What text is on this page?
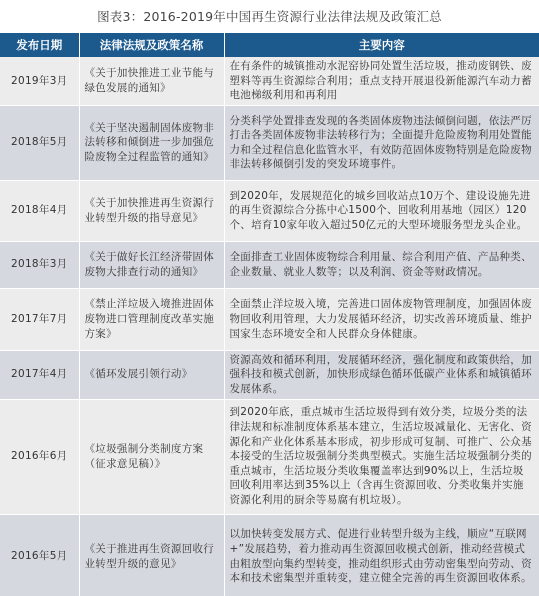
图表3：2016-2019年中国再生资源行业法律法规及政策汇总
发布日期	法律法规及政策名称	主要内容
2019年3月	《关于加快推进工业节能与绿色发展的通知》	在有条件的城镇推动水泥窑协同处置生活垃圾，推动废钢铁、废塑料等再生资源综合利用；重点支持开展退役新能源汽车动力蓄电池梯级利用和再利用
2018年5月	《关于坚决遏制固体废物非法转移和倾倒进一步加强危险废物全过程监管的通知》	分类科学处置排查发现的各类固体废物违法倾倒问题，依法严厉打击各类固体废物非法转移行为；全面提升危险废物利用处置能力和全过程信息化监管水平，有效防范固体废物特别是危险废物非法转移倾倒引发的突发环境事件。
2018年4月	《关于加快推进再生资源行业转型升级的指导意见》	到2020年，发展规范化的城乡回收站点10万个、建设设施先进的再生资源综合分拣中心1500个、回收利用基地（园区）120个、培育10家年收入超过50亿元的大型环境服务型龙头企业。
2018年3月	《关于做好长江经济带固体废物大排查行动的通知》	全面排查工业固体废物综合利用量、综合利用产值、产品种类、企业数量、就业人数等；以及利润、资金等财政情况。
2017年7月	《禁止洋垃圾入境推进固体废物进口管理制度改革实施方案》	全面禁止洋垃圾入境，完善进口固体废物管理制度，加强固体废物回收利用管理，大力发展循环经济，切实改善环境质量、维护国家生态环境安全和人民群众身体健康。
2017年4月	《循环发展引领行动》	资源高效和循环利用，发展循环经济，强化制度和政策供给，加强科技和模式创新，加快形成绿色循环低碳产业体系和城镇循环发展体系。
2016年6月	《垃圾强制分类制度方案（征求意见稿）》	到2020年底，重点城市生活垃圾得到有效分类，垃圾分类的法律法规和标准制度体系基本建立，生活垃圾减量化、无害化、资源化和产业化体系基本形成，初步形成可复制、可推广、公众基本接受的生活垃圾强制分类典型模式。实施生活垃圾强制分类的重点城市，生活垃圾分类收集覆盖率达到90%以上，生活垃圾回收利用率达到35%以上（含再生资源回收、分类收集并实施资源化利用的厨余等易腐有机垃圾）。
2016年5月	《关于推进再生资源回收行业转型升级的意见》	以加快转变发展方式、促进行业转型升级为主线，顺应“互联网+”发展趋势，着力推动再生资源回收模式创新，推动经营模式由粗放型向集约型转变，推动组织形式由劳动密集型向劳动、资本和技术密集型并重转变，建立健全完善的再生资源回收体系。
